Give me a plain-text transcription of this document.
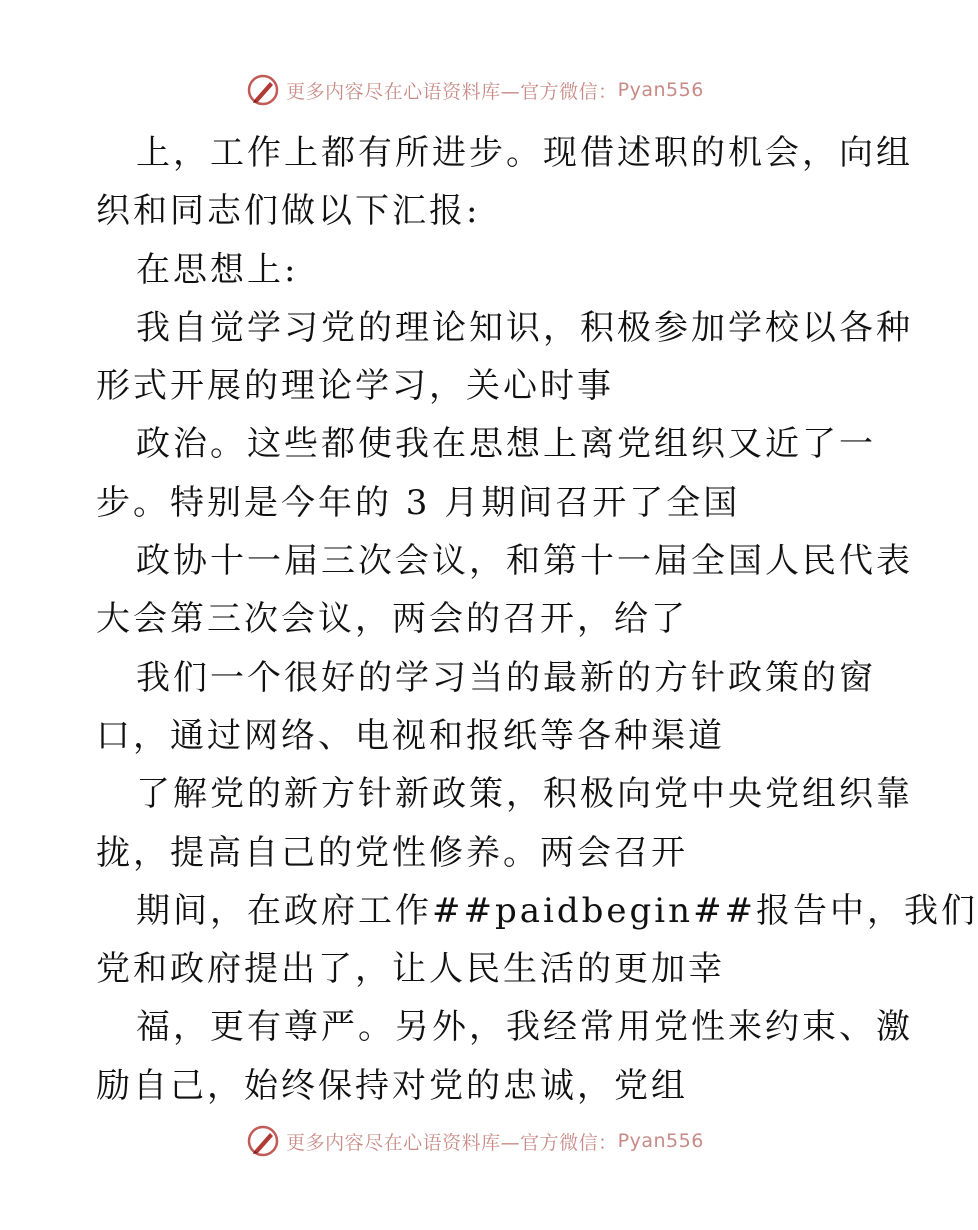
更多内容尽在心语资料库—官方微信： Pyan556
上，工作上都有所进步。现借述职的机会，向组
织和同志们做以下汇报:
在思想上:
我自觉学习党的理论知识，积极参加学校以各种
形式开展的理论学习，关心时事
政治。这些都使我在思想上离党组织又近了一
步。特别是今年的 3 月期间召开了全国
政协十一届三次会议，和第十一届全国人民代表
大会第三次会议，两会的召开，给了
我们一个很好的学习当的最新的方针政策的窗
口，通过网络、电视和报纸等各种渠道
了解党的新方针新政策，积极向党中央党组织靠
拢，提高自己的党性修养。两会召开
期间，在政府工作##paidbegin##报告中，我们
党和政府提出了，让人民生活的更加幸
福，更有尊严。另外，我经常用党性来约束、激
励自己，始终保持对党的忠诚，党组
更多内容尽在心语资料库—官方微信： Pyan556
